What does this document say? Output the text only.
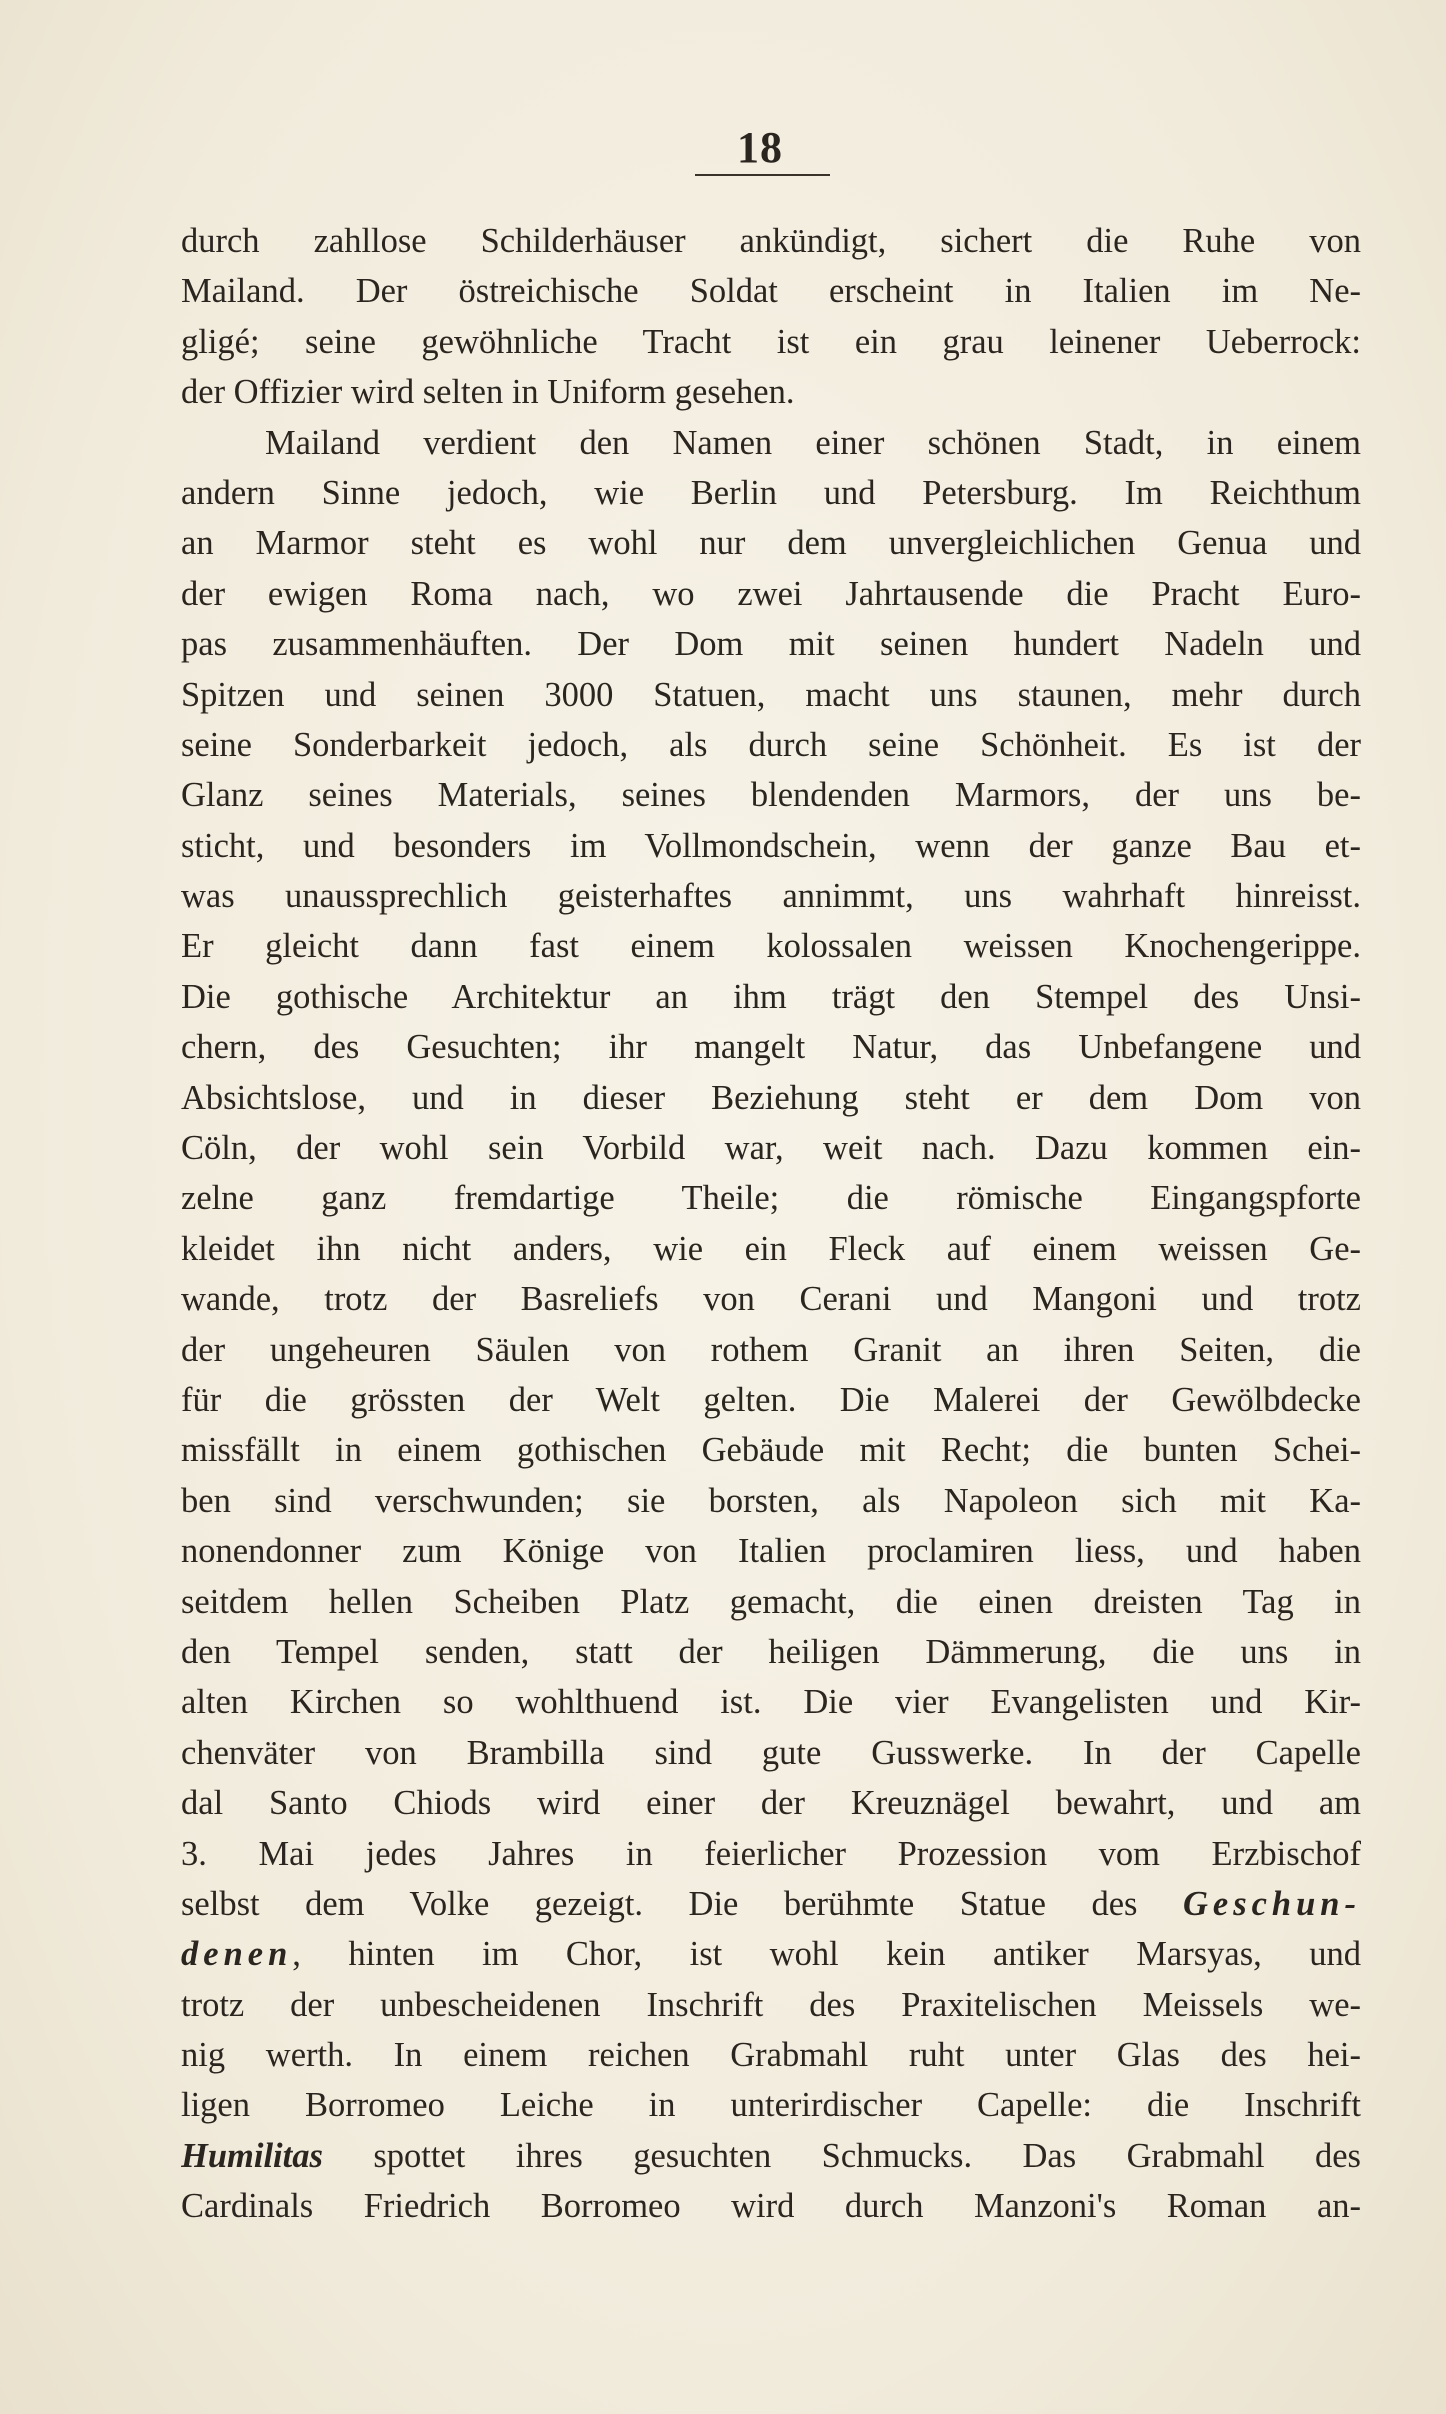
18
durch zahllose Schilderhäuser ankündigt, sichert die Ruhe von
Mailand. Der östreichische Soldat erscheint in Italien im Ne-
gligé; seine gewöhnliche Tracht ist ein grau leinener Ueberrock:
der Offizier wird selten in Uniform gesehen.
Mailand verdient den Namen einer schönen Stadt, in einem
andern Sinne jedoch, wie Berlin und Petersburg. Im Reichthum
an Marmor steht es wohl nur dem unvergleichlichen Genua und
der ewigen Roma nach, wo zwei Jahrtausende die Pracht Euro-
pas zusammenhäuften. Der Dom mit seinen hundert Nadeln und
Spitzen und seinen 3000 Statuen, macht uns staunen, mehr durch
seine Sonderbarkeit jedoch, als durch seine Schönheit. Es ist der
Glanz seines Materials, seines blendenden Marmors, der uns be-
sticht, und besonders im Vollmondschein, wenn der ganze Bau et-
was unaussprechlich geisterhaftes annimmt, uns wahrhaft hinreisst.
Er gleicht dann fast einem kolossalen weissen Knochengerippe.
Die gothische Architektur an ihm trägt den Stempel des Unsi-
chern, des Gesuchten; ihr mangelt Natur, das Unbefangene und
Absichtslose, und in dieser Beziehung steht er dem Dom von
Cöln, der wohl sein Vorbild war, weit nach. Dazu kommen ein-
zelne ganz fremdartige Theile; die römische Eingangspforte
kleidet ihn nicht anders, wie ein Fleck auf einem weissen Ge-
wande, trotz der Basreliefs von Cerani und Mangoni und trotz
der ungeheuren Säulen von rothem Granit an ihren Seiten, die
für die grössten der Welt gelten. Die Malerei der Gewölbdecke
missfällt in einem gothischen Gebäude mit Recht; die bunten Schei-
ben sind verschwunden; sie borsten, als Napoleon sich mit Ka-
nonendonner zum Könige von Italien proclamiren liess, und haben
seitdem hellen Scheiben Platz gemacht, die einen dreisten Tag in
den Tempel senden, statt der heiligen Dämmerung, die uns in
alten Kirchen so wohlthuend ist. Die vier Evangelisten und Kir-
chenväter von Brambilla sind gute Gusswerke. In der Capelle
dal Santo Chiods wird einer der Kreuznägel bewahrt, und am
3. Mai jedes Jahres in feierlicher Prozession vom Erzbischof
selbst dem Volke gezeigt. Die berühmte Statue des Geschun-
denen, hinten im Chor, ist wohl kein antiker Marsyas, und
trotz der unbescheidenen Inschrift des Praxitelischen Meissels we-
nig werth. In einem reichen Grabmahl ruht unter Glas des hei-
ligen Borromeo Leiche in unterirdischer Capelle: die Inschrift
Humilitas spottet ihres gesuchten Schmucks. Das Grabmahl des
Cardinals Friedrich Borromeo wird durch Manzoni's Roman an-
